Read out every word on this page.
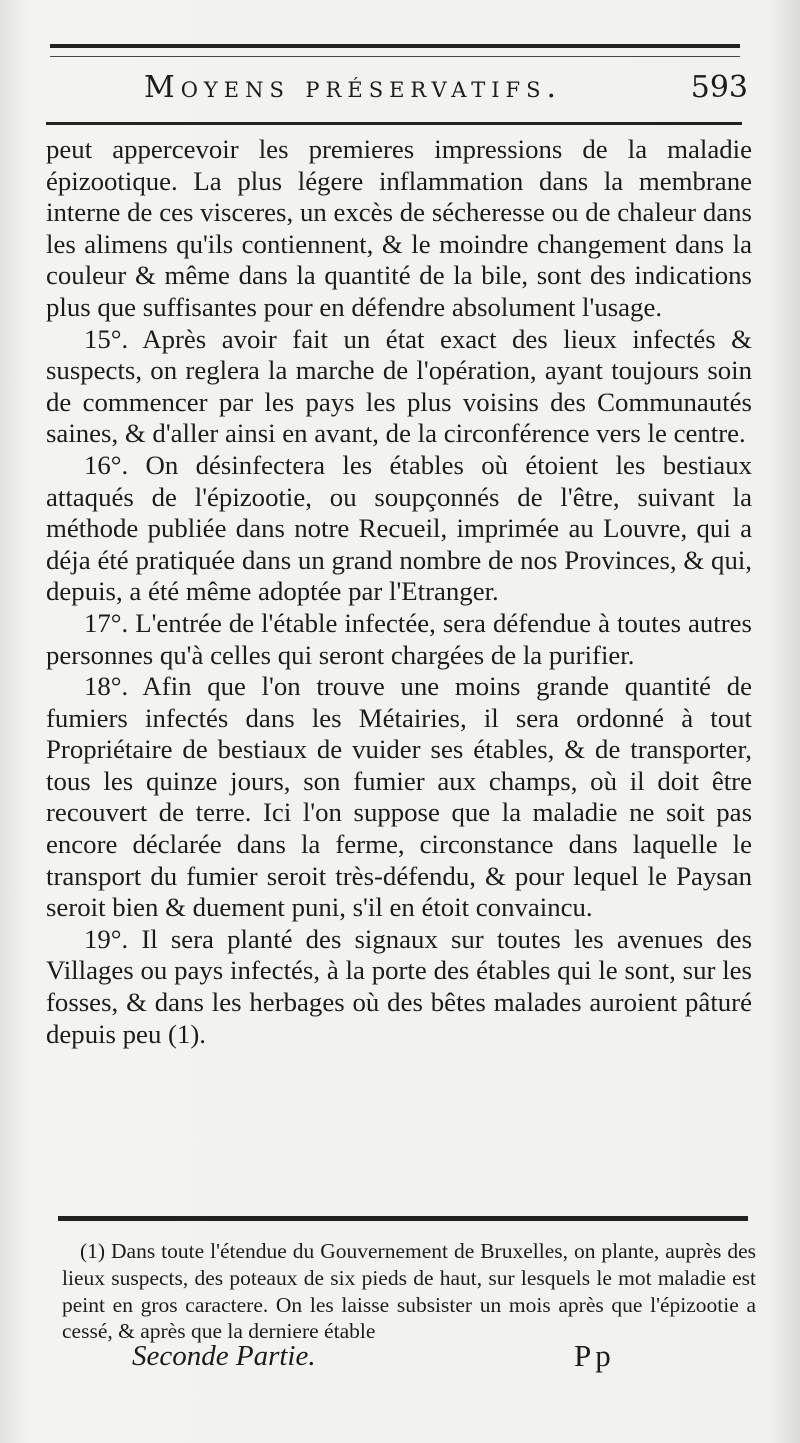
Moyens préservatifs.	593

peut appercevoir les premieres impressions de la maladie épizootique. La plus légere inflammation dans la membrane interne de ces visceres, un excès de sécheresse ou de chaleur dans les alimens qu'ils contiennent, & le moindre changement dans la couleur & même dans la quantité de la bile, sont des indications plus que suffisantes pour en défendre absolument l'usage.

15°. Après avoir fait un état exact des lieux infectés & suspects, on reglera la marche de l'opération, ayant toujours soin de commencer par les pays les plus voisins des Communautés saines, & d'aller ainsi en avant, de la circonférence vers le centre.

16°. On désinfectera les étables où étoient les bestiaux attaqués de l'épizootie, ou soupçonnés de l'être, suivant la méthode publiée dans notre Recueil, imprimée au Louvre, qui a déja été pratiquée dans un grand nombre de nos Provinces, & qui, depuis, a été même adoptée par l'Etranger.

17°. L'entrée de l'étable infectée, sera défendue à toutes autres personnes qu'à celles qui seront chargées de la purifier.

18°. Afin que l'on trouve une moins grande quantité de fumiers infectés dans les Métairies, il sera ordonné à tout Propriétaire de bestiaux de vuider ses étables, & de transporter, tous les quinze jours, son fumier aux champs, où il doit être recouvert de terre. Ici l'on suppose que la maladie ne soit pas encore déclarée dans la ferme, circonstance dans laquelle le transport du fumier seroit très-défendu, & pour lequel le Paysan seroit bien & duement puni, s'il en étoit convaincu.

19°. Il sera planté des signaux sur toutes les avenues des Villages ou pays infectés, à la porte des étables qui le sont, sur les fosses, & dans les herbages où des bêtes malades auroient pâturé depuis peu (1).

(1) Dans toute l'étendue du Gouvernement de Bruxelles, on plante, auprès des lieux suspects, des poteaux de six pieds de haut, sur lesquels le mot maladie est peint en gros caractere. On les laisse subsister un mois après que l'épizootie a cessé, & après que la derniere étable

Seconde Partie.	Pp
